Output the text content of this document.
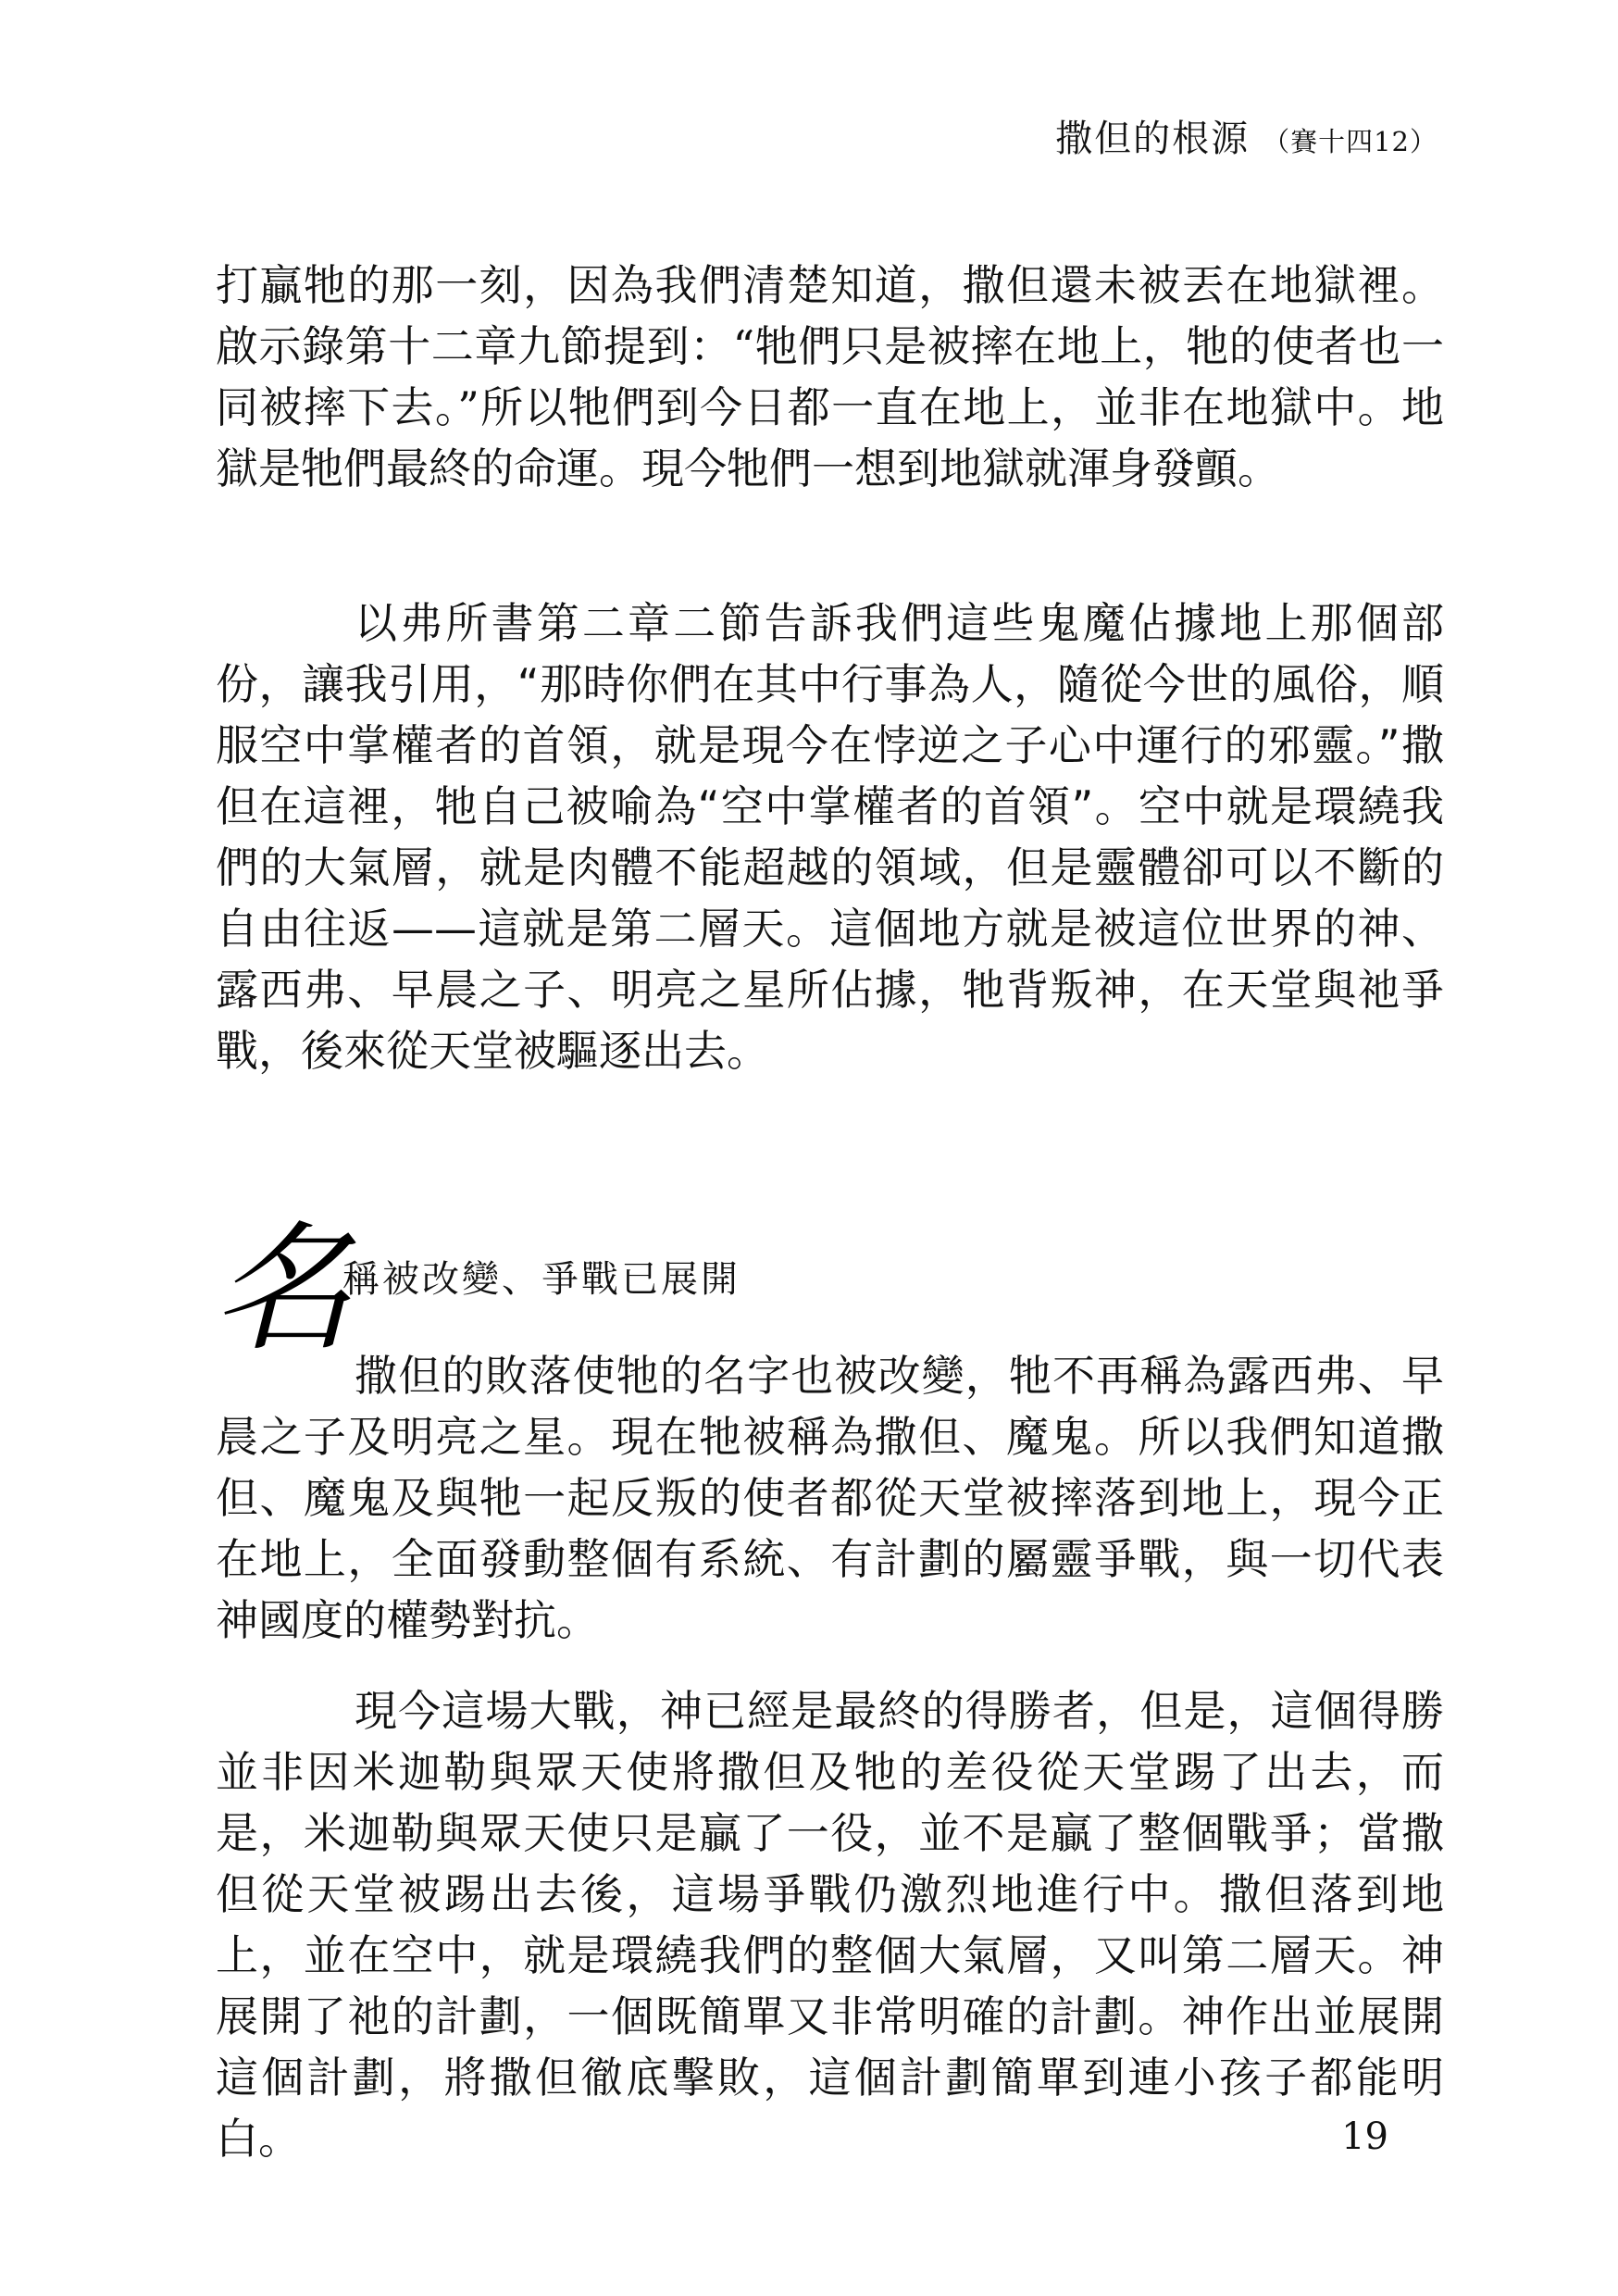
撒但的根源 （賽十四12）

打贏牠的那一刻，因為我們清楚知道，撒但還未被丟在地獄裡。啟示錄第十二章九節提到：“牠們只是被摔在地上，牠的使者也一同被摔下去。”所以牠們到今日都一直在地上，並非在地獄中。地獄是牠們最終的命運。現今牠們一想到地獄就渾身發顫。

以弗所書第二章二節告訴我們這些鬼魔佔據地上那個部份，讓我引用，“那時你們在其中行事為人，隨從今世的風俗，順服空中掌權者的首領，就是現今在悖逆之子心中運行的邪靈。”撒但在這裡，牠自己被喻為“空中掌權者的首領”。空中就是環繞我們的大氣層，就是肉體不能超越的領域，但是靈體卻可以不斷的自由往返——這就是第二層天。這個地方就是被這位世界的神、露西弗、早晨之子、明亮之星所佔據，牠背叛神，在天堂與祂爭戰，後來從天堂被驅逐出去。

名
稱被改變、爭戰已展開

撒但的敗落使牠的名字也被改變，牠不再稱為露西弗、早晨之子及明亮之星。現在牠被稱為撒但、魔鬼。所以我們知道撒但、魔鬼及與牠一起反叛的使者都從天堂被摔落到地上，現今正在地上，全面發動整個有系統、有計劃的屬靈爭戰，與一切代表神國度的權勢對抗。

現今這場大戰，神已經是最終的得勝者，但是，這個得勝並非因米迦勒與眾天使將撒但及牠的差役從天堂踢了出去，而是，米迦勒與眾天使只是贏了一役，並不是贏了整個戰爭；當撒但從天堂被踢出去後，這場爭戰仍激烈地進行中。撒但落到地上，並在空中，就是環繞我們的整個大氣層，又叫第二層天。神展開了祂的計劃，一個既簡單又非常明確的計劃。神作出並展開這個計劃，將撒但徹底擊敗，這個計劃簡單到連小孩子都能明白。	19
